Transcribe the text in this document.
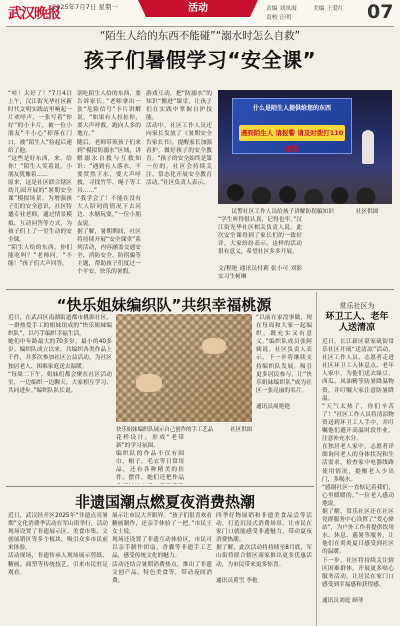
武汉晚报
2025年7月7日 星期一	活动	责编 刘凤霞	美编 王爱红
责校 汪明	07
“陌生人给的东西不能碰”“溺水时怎么自救”
孩子们暑假学习“安全课”
“哇！太好了！”7月4日上午，汉江街光华社区新时代文明实践站里响起一片欢呼声，一张写着“你好”的小卡片，被一位小朋友“不小心”掉落在门口，被“陌生人”捡起后递给了他。
“这些是好东西，来，给你！”陌生人笑着说。小朋友犹豫着……
原来，这是社区联合辖区幼儿园开展的“暑期安全课”模拟场景。为增强孩子们的安全意识，社区特邀专业老师，通过情景模拟、互动问答等方式，为孩子们上了一堂生动的安全课。
“陌生人给的东西，你们能吃吗？”老师问。“不能！”孩子们大声回答。
别吃陌生人给的东西，要告诉家长。”老师拿出一张“危险信号”卡片讲解说，“如果有人拉扯你，要大声呼救，跑向人多的地方。”
随后，老师带领孩子们来到“模拟防溺水”区域，讲解溺水自救与互救知识：“遇到有人落水，不要贸然下水，要大声呼救，寻找竹竿、绳子等工具……”
“我学会了！不能在没有大人陪同的情况下去河边、水塘玩耍。”一位小朋友说。
据了解，暑期期间，社区将持续开展“安全课堂”系列活动，内容涵盖交通安全、消防安全、防拐骗等主题，帮助孩子们度过一个平安、快乐的暑假。
游戏互动，把“防溺水”的知识“搬进”课堂，让孩子们在实践中掌握自护技能。
活动中，社区工作人员还向家长发放了《暑期安全告家长书》，提醒家长加强看护，做好孩子的安全教育。“孩子的安全始终是第一位的，社区会持续关注、常态化开展安全教育活动。”社区负责人表示。
什么是陌生人提供给您的东西
遇到陌生人 请报警 请及时拨打110报警
民警社区工作人员给孩子讲解防拐骗知识	社区供图
“学生听得很认真，记得也牢。”汉江街光华社区相关负责人说，此次安全课得到了家长们的一致好评，大家纷纷表示，这样的活动很有意义，希望社区多多开展。

文/程艳 通讯员付莉 张小可 刘影 实习生柯琳
“快乐姐妹编织队”共织幸福桃源
近日，在武昌区南湖街道都市桃源社区，一群热爱手工的姐妹组成的“快乐姐妹编织队”，以巧手编织幸福生活。
她们中年龄最大的70多岁，最小的40多岁。编织队成立以来，共编织各类作品上千件，并多次参加社区公益活动，为社区独居老人、困难家庭送去温暖。
“每周二下午，姐妹们都会聚在社区活动室，一边编织一边聊天，大家相互学习、共同进步。”编织队队长说。
快乐姐妹编织队展示自己创作的手工艺品	社区供图
花样设计，形成“老带新”的学习氛围。
编织队的作品不仅有围巾、帽子、毛衣等日常用品，还有各种精美的挂件、摆件。她们还把作品

“以前在家没事做，现在每周和大家一起编织，既充实又有意义。”编织队成员张阿姨说。社区负责人表示，下一步将继续支持编织队发展，吸引更多居民参与，让“快乐姐妹编织队”成为社区一张亮丽的名片。

通讯员周艳艳
非遗国潮点燃夏夜消费热潮
近日，武汉经开区2025年“非遗点亮暑期”文化消费季活动在军山街举行，活动现场设置了非遗展示区、美食市集、文创展销区等多个板块，吸引众多市民前来体验。
活动现场，非遗传承人现场展示剪纸、糖画、面塑等传统技艺，引来市民驻足观看。
展示让市民大开眼界。“孩子们很喜欢看糖画制作，还亲手体验了一把。”市民王女士说。
现场还设置了非遗互动体验区，市民可以亲手制作团扇、香囊等非遗手工艺品，感受传统文化的魅力。
活动还结合暑期消费热点，推出了非遗文创产品、特色美食等，带动夜间消费。
四季好物展销和非遗美食品尝等活动，打造沉浸式消费场景，让市民在家门口就能感受非遗魅力，带动夏夜消费热潮。
据了解，此次活动将持续至8月底，军山街将联合辖区商家推出更多优惠活动，为市民带来更多惊喜。

通讯员黄雪 李艳
常乐社区为
环卫工人、老年人送清凉
近日，长江新区谌家矶街常乐社区开展“送清凉”活动，社区工作人员、志愿者走进社区环卫工人休息点、老年人家中，为他们送去绿豆、西瓜、风油精等防暑降温物资，并叮嘱大家注意防暑降温。
“天气太热了，你们辛苦了！”社区工作人员将清凉物资送到环卫工人手中，并叮嘱他们避开高温时段作业，注意补充水分。
在独居老人家中，志愿者详细询问老人的身体状况和生活需求，检查家中电器线路使用情况，提醒老人少出门，多喝水。
“感谢社区一直惦记着我们，心里暖暖的。”一位老人感动地说。
据了解，常乐社区还在社区党群服务中心设置了“爱心驿站”，为户外工作者提供饮用水、休息、避暑等服务，让他们在炎炎夏日感受到社区的温暖。
下一步，社区将持续关注辖区困难群体，开展更多贴心服务活动，让居民在家门口感受到幸福感和获得感。

通讯员刘庭 顾菲
